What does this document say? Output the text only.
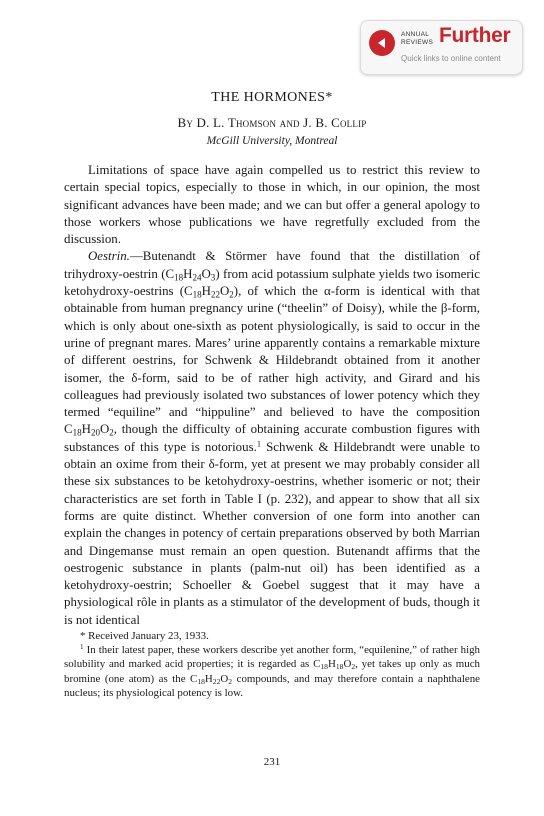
ANNUAL REVIEWS Further
Quick links to online content
THE HORMONES*
By D. L. Thomson and J. B. Collip
McGill University, Montreal

Limitations of space have again compelled us to restrict this review to certain special topics, especially to those in which, in our opinion, the most significant advances have been made; and we can but offer a general apology to those workers whose publications we have regretfully excluded from the discussion.

Oestrin.—Butenandt & Störmer have found that the distillation of trihydroxy-oestrin $(C_{18}H_{24}O_3)$ from acid potassium sulphate yields two isomeric ketohydroxy-oestrins $(C_{18}H_{22}O_2)$, of which the α-form is identical with that obtainable from human pregnancy urine (“theelin” of Doisy), while the β-form, which is only about one-sixth as potent physiologically, is said to occur in the urine of pregnant mares. Mares’ urine apparently contains a remarkable mixture of different oestrins, for Schwenk & Hildebrandt obtained from it another isomer, the δ-form, said to be of rather high activity, and Girard and his colleagues had previously isolated two substances of lower potency which they termed “equiline” and “hippuline” and believed to have the composition $C_{18}H_{20}O_2$, though the difficulty of obtaining accurate combustion figures with substances of this type is notorious.$^1$ Schwenk & Hildebrandt were unable to obtain an oxime from their δ-form, yet at present we may probably consider all these six substances to be ketohydroxy-oestrins, whether isomeric or not; their characteristics are set forth in Table I (p. 232), and appear to show that all six forms are quite distinct. Whether conversion of one form into another can explain the changes in potency of certain preparations observed by both Marrian and Dingemanse must remain an open question. Butenandt affirms that the oestrogenic substance in plants (palm-nut oil) has been identified as a ketohydroxy-oestrin; Schoeller & Goebel suggest that it may have a physiological rôle in plants as a stimulator of the development of buds, though it is not identical

* Received January 23, 1933.

$^1$ In their latest paper, these workers describe yet another form, “equilenine,” of rather high solubility and marked acid properties; it is regarded as $C_{18}H_{18}O_2$, yet takes up only as much bromine (one atom) as the $C_{18}H_{22}O_2$ compounds, and may therefore contain a naphthalene nucleus; its physiological potency is low.

231
